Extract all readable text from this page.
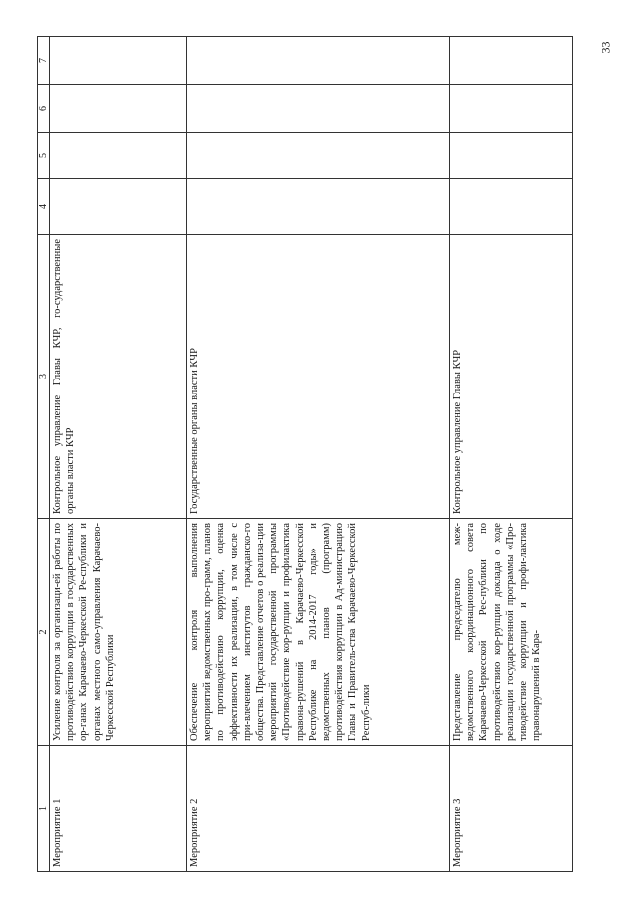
33
1	2	3	4	5	6	7
Мероприятие 1	Усиление контроля за организаци-ей работы по противодействию коррупции в государственных ор-ганах Карачаево-Черкесской Ре-спублики и органах местного само-управления Карачаево-Черкесской Республики	Контрольное управление Главы КЧР, го-сударственные органы власти КЧР				
Мероприятие 2	Обеспечение контроля выполнения мероприятий ведомственных про-грамм, планов по противодействию коррупции, оценка эффективности их реализации, в том числе с при-влечением институтов гражданско-го общества. Представление отчетов о реализа-ции мероприятий государственной программы «Противодействие кор-рупции и профилактика правона-рушений в Карачаево-Черкесской Республике на 2014-2017 годы» и ведомственных планов (программ) противодействия коррупции в Ад-министрацию Главы и Правитель-ства Карачаево-Черкесской Респуб-лики	Государственные органы власти КЧР				
Мероприятие 3	Представление председателю меж-ведомственного координационного совета Карачаево-Черкесской Рес-публики по противодействию кор-рупции доклада о ходе реализации государственной программы «Про-тиводействие коррупции и профи-лактика правонарушений в Кара-	Контрольное управление Главы КЧР				
